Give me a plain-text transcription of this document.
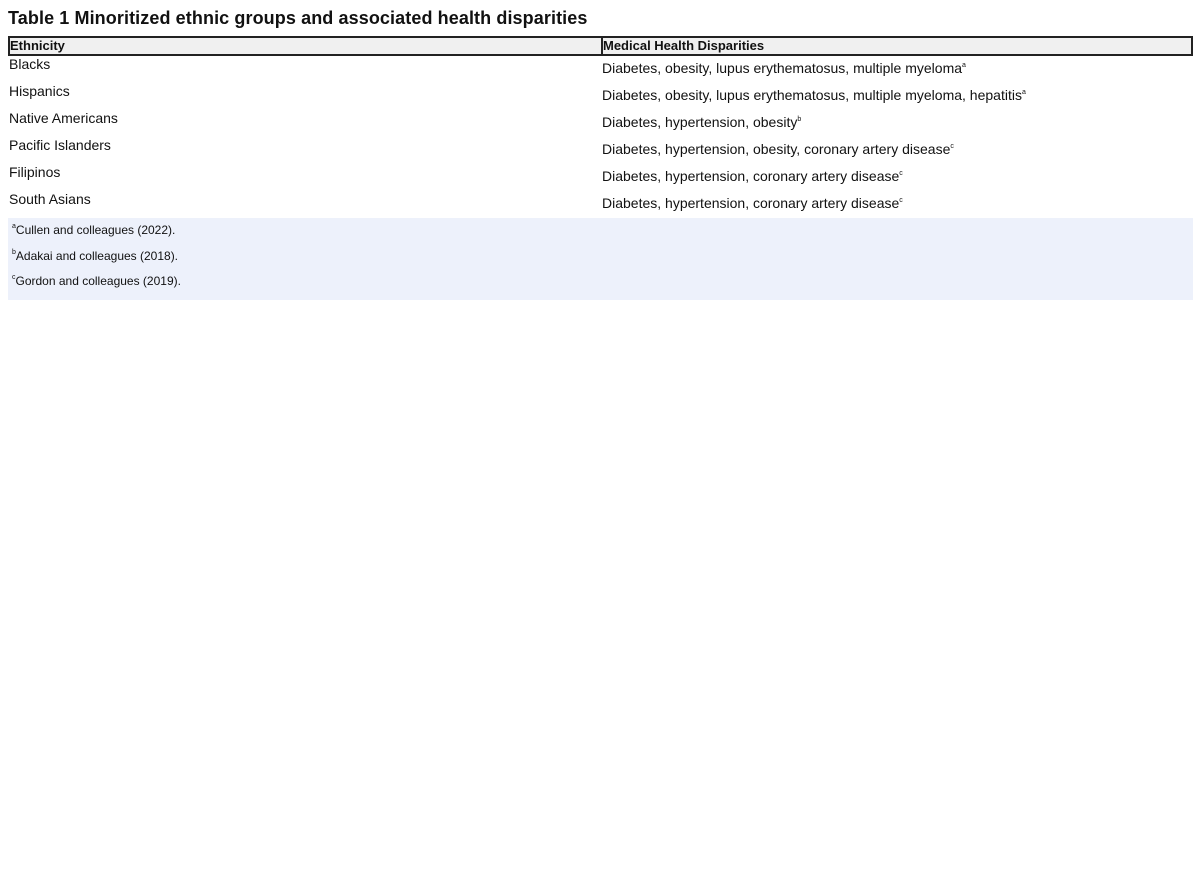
Table 1 Minoritized ethnic groups and associated health disparities
Ethnicity	Medical Health Disparities
Blacks	Diabetes, obesity, lupus erythematosus, multiple myeloma$^a$
Hispanics	Diabetes, obesity, lupus erythematosus, multiple myeloma, hepatitis$^a$
Native Americans	Diabetes, hypertension, obesity$^b$
Pacific Islanders	Diabetes, hypertension, obesity, coronary artery disease$^c$
Filipinos	Diabetes, hypertension, coronary artery disease$^c$
South Asians	Diabetes, hypertension, coronary artery disease$^c$
$^a$Cullen and colleagues (2022).
$^b$Adakai and colleagues (2018).
$^c$Gordon and colleagues (2019).
